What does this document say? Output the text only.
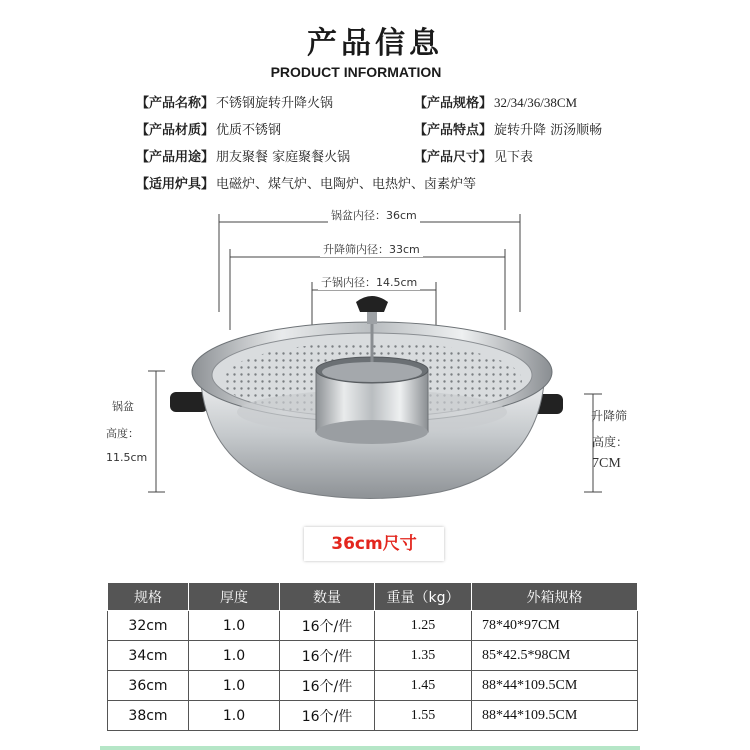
产品信息
PRODUCT INFORMATION
【产品名称】 不锈钢旋转升降火锅
【产品材质】 优质不锈钢
【产品用途】 朋友聚餐 家庭聚餐火锅
【适用炉具】 电磁炉、煤气炉、电陶炉、电热炉、卤素炉等
【产品规格】 32/34/36/38CM
【产品特点】 旋转升降 沥汤顺畅
【产品尺寸】 见下表
锅盆内径：36cm
升降筛内径：33cm
子锅内径：14.5cm
锅盆
高度：
11.5cm
升降筛
高度：
7CM
36cm尺寸
规格	厚度	数量	重量（kg）	外箱规格
32cm	1.0	16个/件	1.25	78*40*97CM
34cm	1.0	16个/件	1.35	85*42.5*98CM
36cm	1.0	16个/件	1.45	88*44*109.5CM
38cm	1.0	16个/件	1.55	88*44*109.5CM
